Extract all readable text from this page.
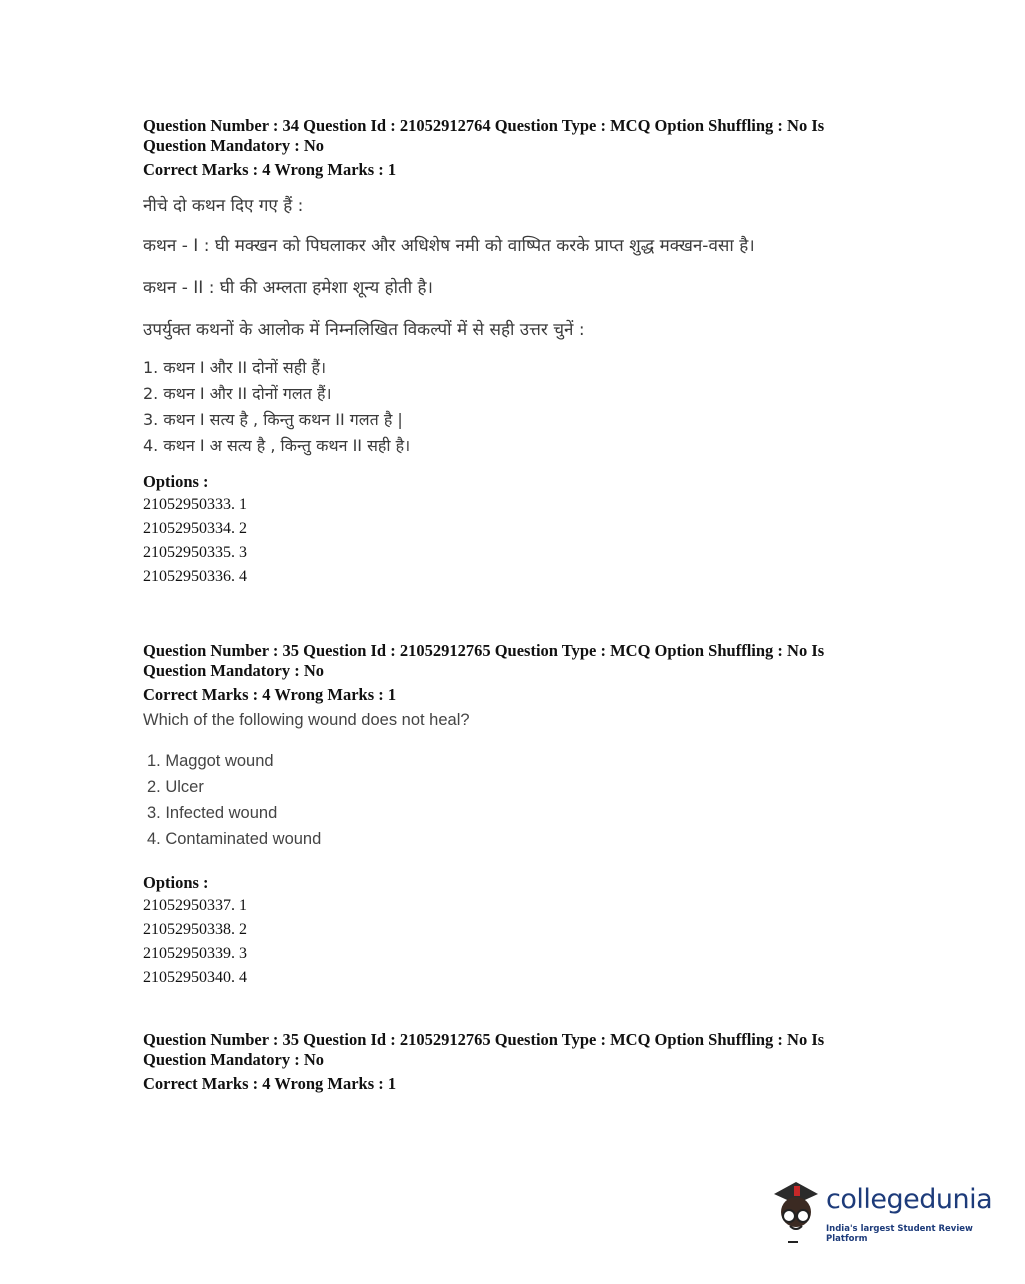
Question Number : 34 Question Id : 21052912764 Question Type : MCQ Option Shuffling : No Is Question Mandatory : No

Correct Marks : 4 Wrong Marks : 1

नीचे दो कथन दिए गए हैं :

कथन - I : घी मक्खन को पिघलाकर और अधिशेष नमी को वाष्पित करके प्राप्त शुद्ध मक्खन-वसा है।

कथन - II : घी की अम्लता हमेशा शून्य होती है।

उपर्युक्त कथनों के आलोक में निम्नलिखित विकल्पों में से सही उत्तर चुनें :

1. कथन I और II दोनों सही हैं।

2. कथन I और II दोनों गलत हैं।

3. कथन I सत्य है , किन्तु कथन II गलत है |

4. कथन I अ सत्य है , किन्तु कथन II सही है।

Options :

21052950333. 1

21052950334. 2

21052950335. 3

21052950336. 4

Question Number : 35 Question Id : 21052912765 Question Type : MCQ Option Shuffling : No Is Question Mandatory : No

Correct Marks : 4 Wrong Marks : 1

Which of the following wound does not heal?

1. Maggot wound

2. Ulcer

3. Infected wound

4. Contaminated wound

Options :

21052950337. 1

21052950338. 2

21052950339. 3

21052950340. 4

Question Number : 35 Question Id : 21052912765 Question Type : MCQ Option Shuffling : No Is Question Mandatory : No

Correct Marks : 4 Wrong Marks : 1

collegedunia
India's largest Student Review Platform
